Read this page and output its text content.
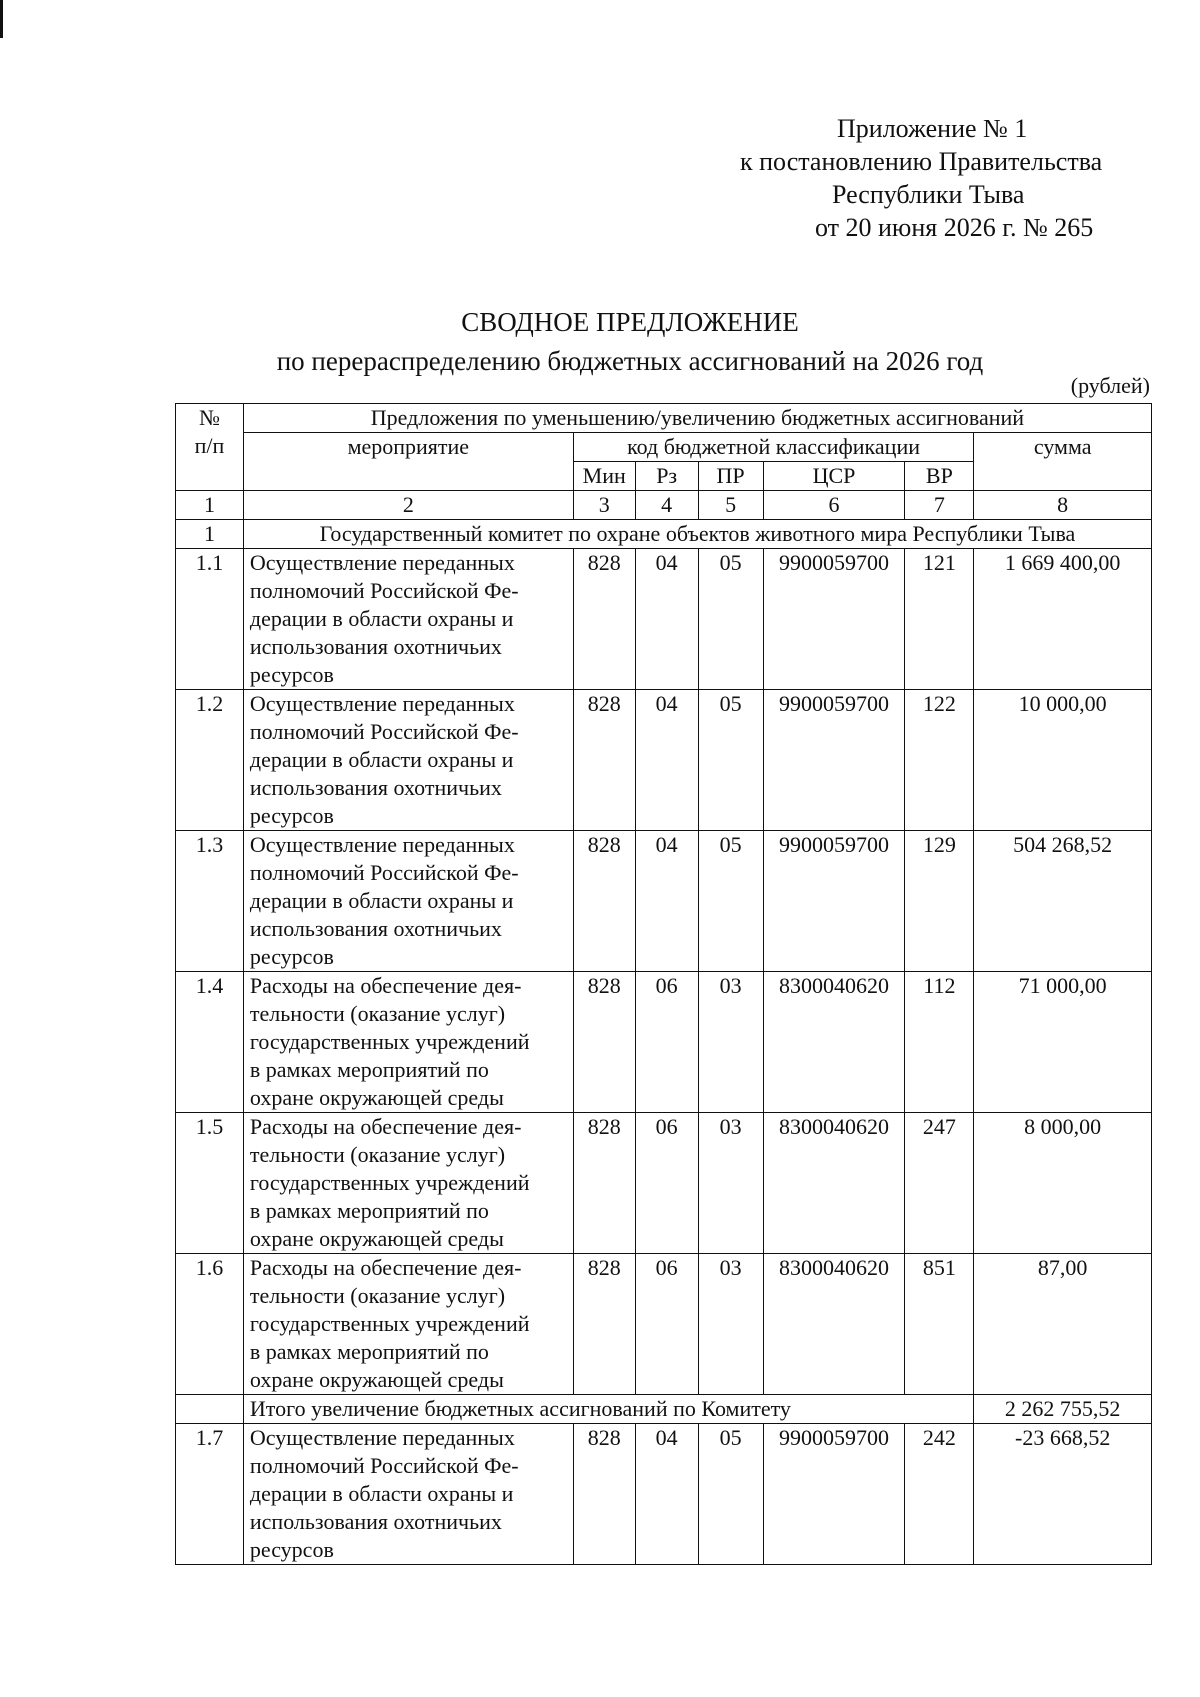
Приложение № 1
к постановлению Правительства
Республики Тыва
от 20 июня 2026 г. № 265
СВОДНОЕ ПРЕДЛОЖЕНИЕ
по перераспределению бюджетных ассигнований на 2026 год
(рублей)
№
п/п	Предложения по уменьшению/увеличению бюджетных ассигнований						
	мероприятие	код бюджетной классификации					сумма
		Мин	Рз	ПР	ЦСР	ВР	
1	2	3	4	5	6	7	8
1	Государственный комитет по охране объектов животного мира Республики Тыва						
1.1	Осуществление переданных
полномочий Российской Фе-
дерации в области охраны и
использования охотничьих
ресурсов	828	04	05	9900059700	121	1 669 400,00
1.2	Осуществление переданных
полномочий Российской Фе-
дерации в области охраны и
использования охотничьих
ресурсов	828	04	05	9900059700	122	10 000,00
1.3	Осуществление переданных
полномочий Российской Фе-
дерации в области охраны и
использования охотничьих
ресурсов	828	04	05	9900059700	129	504 268,52
1.4	Расходы на обеспечение дея-
тельности (оказание услуг)
государственных учреждений
в рамках мероприятий по
охране окружающей среды	828	06	03	8300040620	112	71 000,00
1.5	Расходы на обеспечение дея-
тельности (оказание услуг)
государственных учреждений
в рамках мероприятий по
охране окружающей среды	828	06	03	8300040620	247	8 000,00
1.6	Расходы на обеспечение дея-
тельности (оказание услуг)
государственных учреждений
в рамках мероприятий по
охране окружающей среды	828	06	03	8300040620	851	87,00
	Итого увеличение бюджетных ассигнований по Комитету						2 262 755,52
1.7	Осуществление переданных
полномочий Российской Фе-
дерации в области охраны и
использования охотничьих
ресурсов	828	04	05	9900059700	242	-23 668,52
